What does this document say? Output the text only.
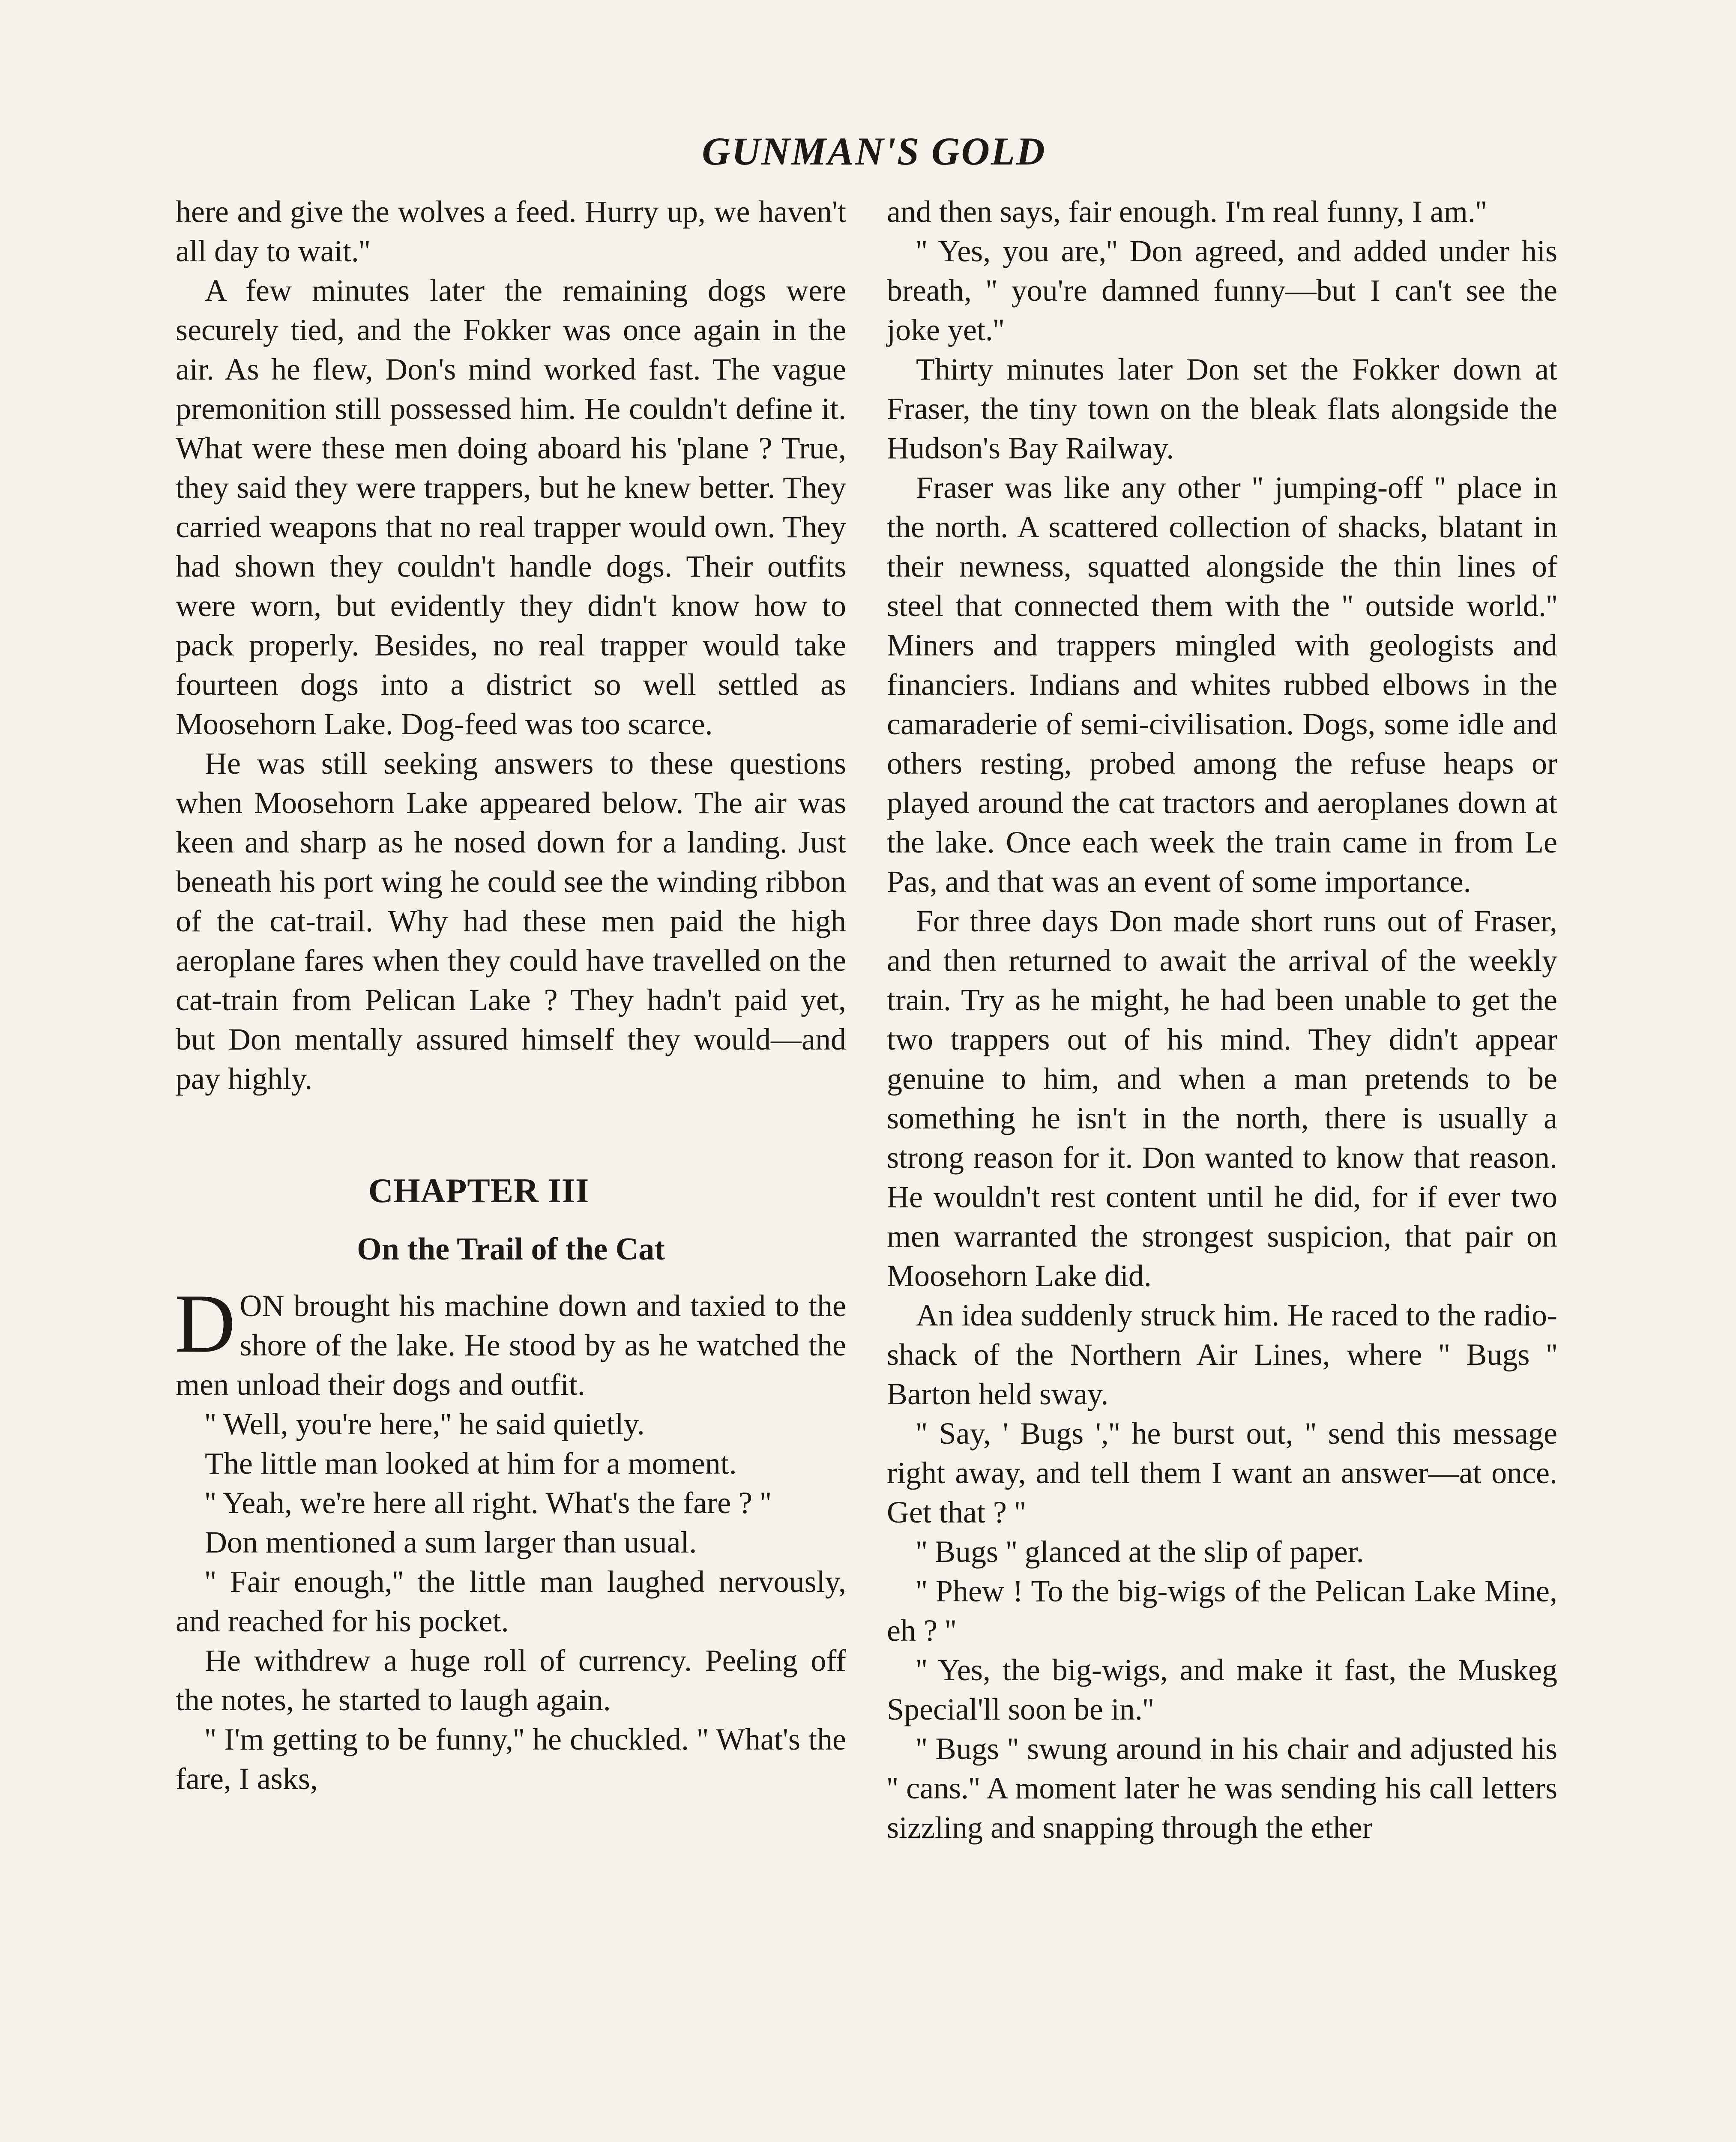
GUNMAN'S GOLD

here and give the wolves a feed. Hurry up, we haven't all day to wait.''

A few minutes later the remaining dogs were securely tied, and the Fokker was once again in the air. As he flew, Don's mind worked fast. The vague premonition still possessed him. He couldn't define it. What were these men doing aboard his 'plane ? True, they said they were trappers, but he knew better. They carried weapons that no real trapper would own. They had shown they couldn't handle dogs. Their outfits were worn, but evidently they didn't know how to pack properly. Besides, no real trapper would take fourteen dogs into a district so well settled as Moosehorn Lake. Dog-feed was too scarce.

He was still seeking answers to these questions when Moosehorn Lake appeared below. The air was keen and sharp as he nosed down for a landing. Just beneath his port wing he could see the winding ribbon of the cat-trail. Why had these men paid the high aeroplane fares when they could have travelled on the cat-train from Pelican Lake ? They hadn't paid yet, but Don mentally assured himself they would—and pay highly.

CHAPTER III
On the Trail of the Cat

DON brought his machine down and taxied to the shore of the lake. He stood by as he watched the men unload their dogs and outfit.

'' Well, you're here,'' he said quietly.

The little man looked at him for a moment.

'' Yeah, we're here all right. What's the fare ? ''

Don mentioned a sum larger than usual.

'' Fair enough,'' the little man laughed nervously, and reached for his pocket.

He withdrew a huge roll of currency. Peeling off the notes, he started to laugh again.

'' I'm getting to be funny,'' he chuckled. '' What's the fare, I asks,

and then says, fair enough. I'm real funny, I am.''

'' Yes, you are,'' Don agreed, and added under his breath, '' you're damned funny—but I can't see the joke yet.''

Thirty minutes later Don set the Fokker down at Fraser, the tiny town on the bleak flats alongside the Hudson's Bay Railway.

Fraser was like any other '' jumping-off '' place in the north. A scattered collection of shacks, blatant in their newness, squatted alongside the thin lines of steel that connected them with the '' outside world.'' Miners and trappers mingled with geologists and financiers. Indians and whites rubbed elbows in the camaraderie of semi-civilisation. Dogs, some idle and others resting, probed among the refuse heaps or played around the cat tractors and aeroplanes down at the lake. Once each week the train came in from Le Pas, and that was an event of some importance.

For three days Don made short runs out of Fraser, and then returned to await the arrival of the weekly train. Try as he might, he had been unable to get the two trappers out of his mind. They didn't appear genuine to him, and when a man pretends to be something he isn't in the north, there is usually a strong reason for it. Don wanted to know that reason. He wouldn't rest content until he did, for if ever two men warranted the strongest suspicion, that pair on Moosehorn Lake did.

An idea suddenly struck him. He raced to the radio-shack of the Northern Air Lines, where '' Bugs '' Barton held sway.

'' Say, ' Bugs ','' he burst out, '' send this message right away, and tell them I want an answer—at once. Get that ? ''

'' Bugs '' glanced at the slip of paper.

'' Phew ! To the big-wigs of the Pelican Lake Mine, eh ? ''

'' Yes, the big-wigs, and make it fast, the Muskeg Special'll soon be in.''

'' Bugs '' swung around in his chair and adjusted his '' cans.'' A moment later he was sending his call letters sizzling and snapping through the ether
